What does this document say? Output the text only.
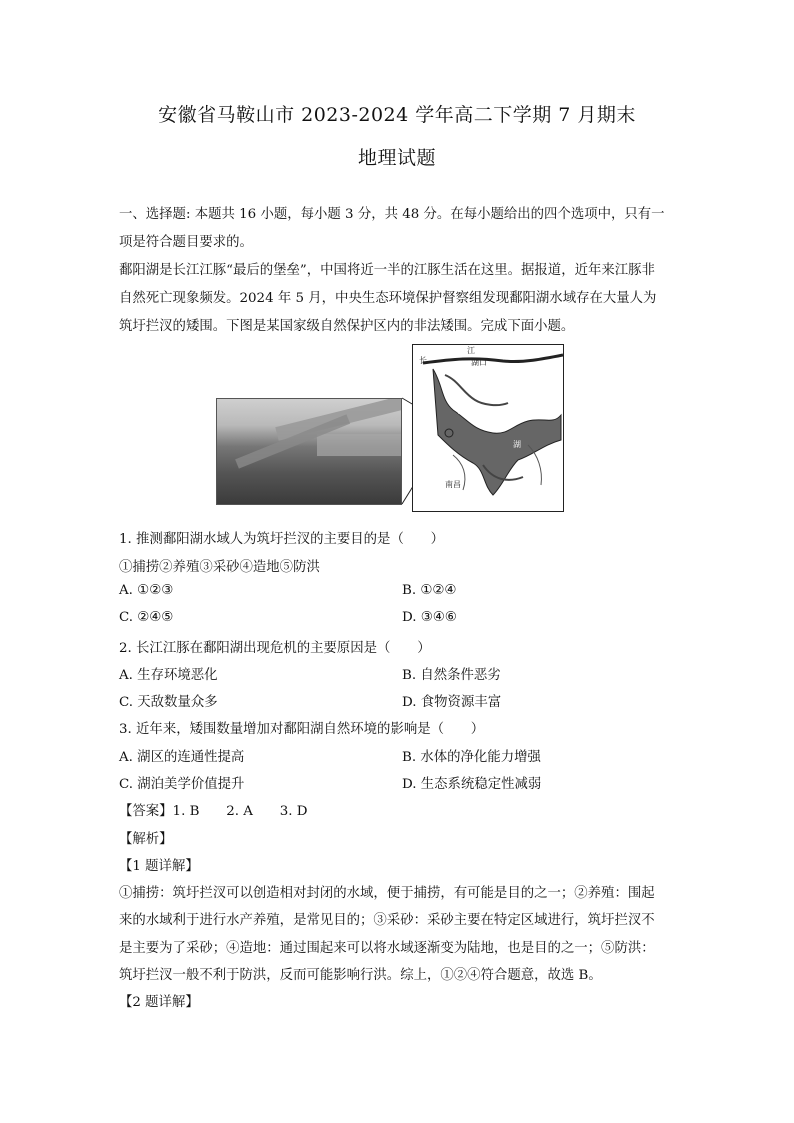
安徽省马鞍山市 2023-2024 学年高二下学期 7 月期末
地理试题
一、选择题: 本题共 16 小题，每小题 3 分，共 48 分。在每小题给出的四个选项中，只有一
项是符合题目要求的。
鄱阳湖是长江江豚“最后的堡垒”，中国将近一半的江豚生活在这里。据报道，近年来江豚非
自然死亡现象频发。2024 年 5 月，中央生态环境保护督察组发现鄱阳湖水域存在大量人为
筑圩拦汊的矮围。下图是某国家级自然保护区内的非法矮围。完成下面小题。
长
江
湖口
鄱
阳
湖
南昌
1. 推测鄱阳湖水域人为筑圩拦汊的主要目的是（　　）
①捕捞②养殖③采砂④造地⑤防洪
A. ①②③	B. ①②④
C. ②④⑤	D. ③④⑥
2. 长江江豚在鄱阳湖出现危机的主要原因是（　　）
A. 生存环境恶化	B. 自然条件恶劣
C. 天敌数量众多	D. 食物资源丰富
3. 近年来，矮围数量增加对鄱阳湖自然环境的影响是（　　）
A. 湖区的连通性提高	B. 水体的净化能力增强
C. 湖泊美学价值提升	D. 生态系统稳定性减弱
【答案】1. B　　2. A　　3. D
【解析】
【1 题详解】
①捕捞：筑圩拦汊可以创造相对封闭的水域，便于捕捞，有可能是目的之一；②养殖：围起
来的水域利于进行水产养殖，是常见目的；③采砂：采砂主要在特定区域进行，筑圩拦汊不
是主要为了采砂；④造地：通过围起来可以将水域逐渐变为陆地，也是目的之一；⑤防洪：
筑圩拦汊一般不利于防洪，反而可能影响行洪。综上，①②④符合题意，故选 B。
【2 题详解】
